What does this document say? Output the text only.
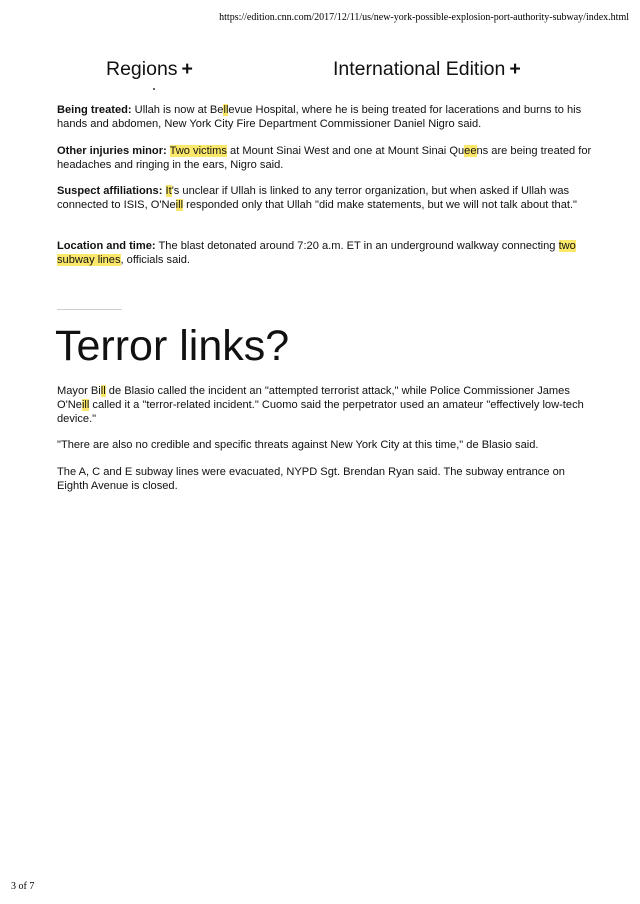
https://edition.cnn.com/2017/12/11/us/new-york-possible-explosion-port-authority-subway/index.html
Regions +	International Edition +

Being treated: Ullah is now at Bellevue Hospital, where he is being treated for lacerations and burns to his hands and abdomen, New York City Fire Department Commissioner Daniel Nigro said.

Other injuries minor: Two victims at Mount Sinai West and one at Mount Sinai Queens are being treated for headaches and ringing in the ears, Nigro said.

Suspect affiliations: It's unclear if Ullah is linked to any terror organization, but when asked if Ullah was connected to ISIS, O'Neill responded only that Ullah "did make statements, but we will not talk about that."

Location and time: The blast detonated around 7:20 a.m. ET in an underground walkway connecting two subway lines, officials said.

Terror links?

Mayor Bill de Blasio called the incident an "attempted terrorist attack," while Police Commissioner James O'Neill called it a "terror-related incident." Cuomo said the perpetrator used an amateur "effectively low-tech device."

"There are also no credible and specific threats against New York City at this time," de Blasio said.

The A, C and E subway lines were evacuated, NYPD Sgt. Brendan Ryan said. The subway entrance on Eighth Avenue is closed.

3 of 7
